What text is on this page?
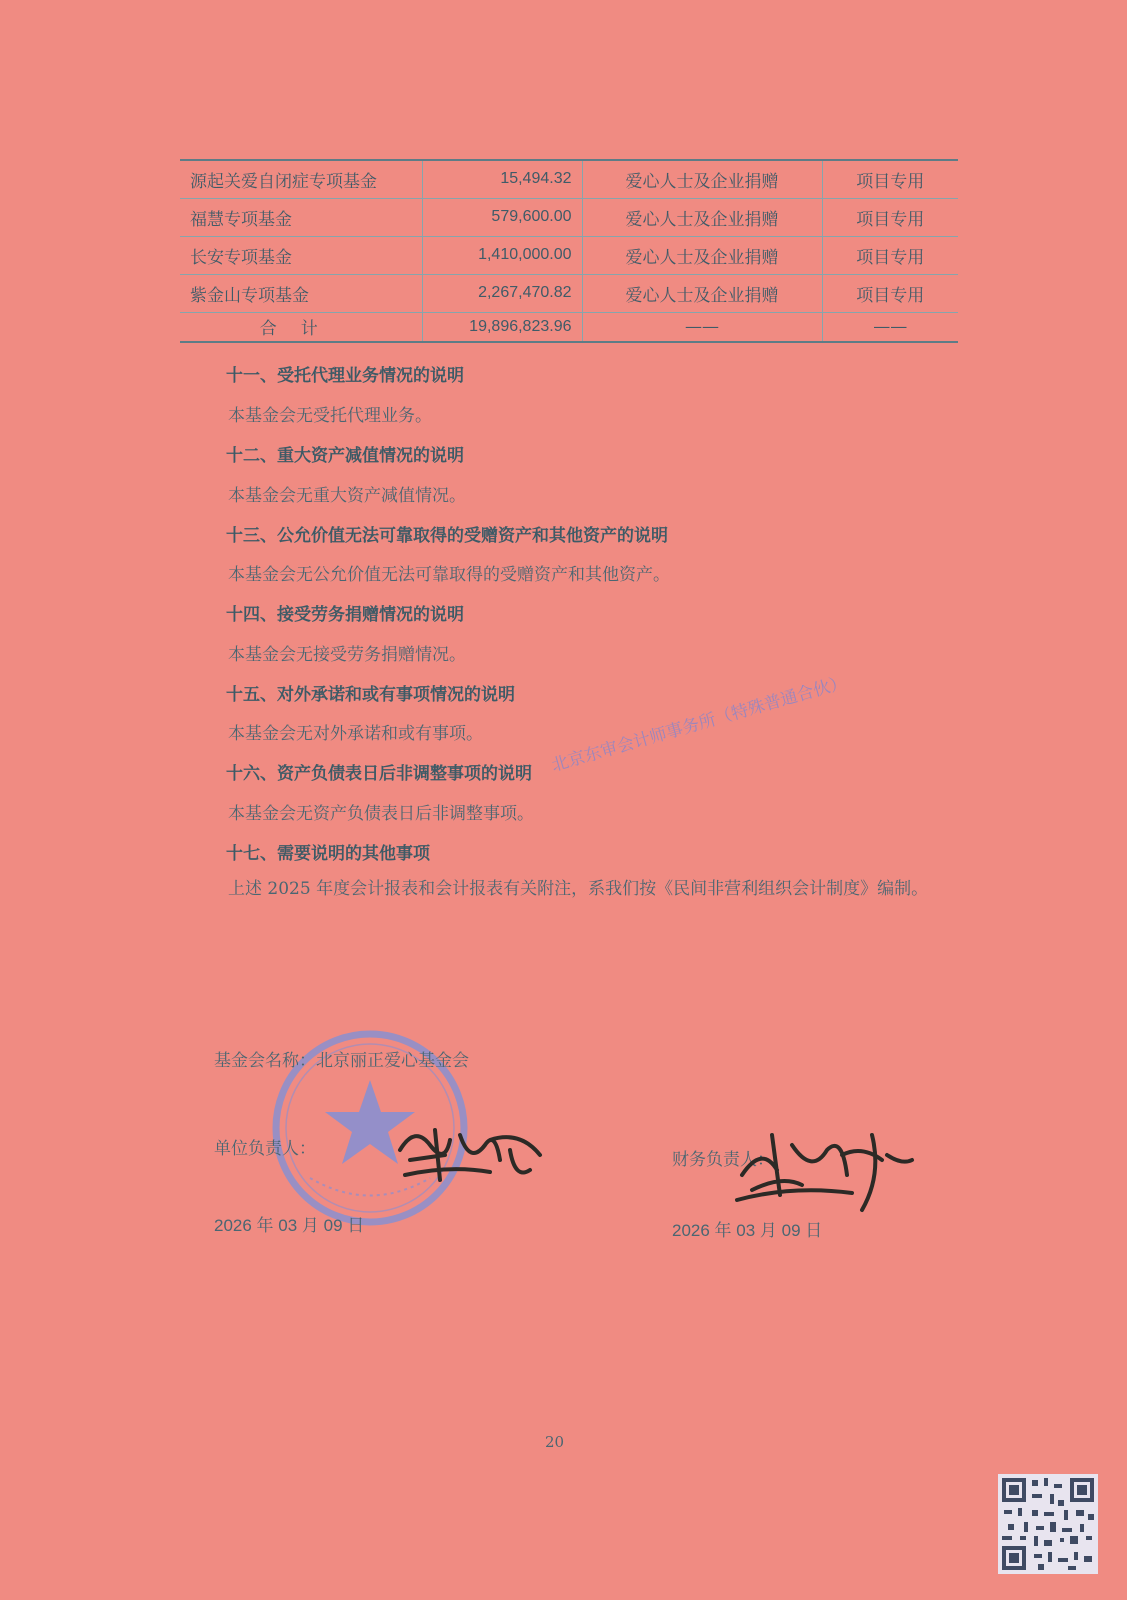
源起关爱自闭症专项基金	15,494.32	爱心人士及企业捐赠	项目专用
福慧专项基金	579,600.00	爱心人士及企业捐赠	项目专用
长安专项基金	1,410,000.00	爱心人士及企业捐赠	项目专用
紫金山专项基金	2,267,470.82	爱心人士及企业捐赠	项目专用
合计	19,896,823.96	——	——
十一、受托代理业务情况的说明
本基金会无受托代理业务。
十二、重大资产减值情况的说明
本基金会无重大资产减值情况。
十三、公允价值无法可靠取得的受赠资产和其他资产的说明
本基金会无公允价值无法可靠取得的受赠资产和其他资产。
十四、接受劳务捐赠情况的说明
本基金会无接受劳务捐赠情况。
十五、对外承诺和或有事项情况的说明
本基金会无对外承诺和或有事项。
十六、资产负债表日后非调整事项的说明
本基金会无资产负债表日后非调整事项。
十七、需要说明的其他事项
上述 2025 年度会计报表和会计报表有关附注，系我们按《民间非营利组织会计制度》编制。
北京东审会计师事务所（特殊普通合伙）
基金会名称：北京丽正爱心基金会
单位负责人：
2026 年 03 月 09 日
财务负责人：
2026 年 03 月 09 日
20
